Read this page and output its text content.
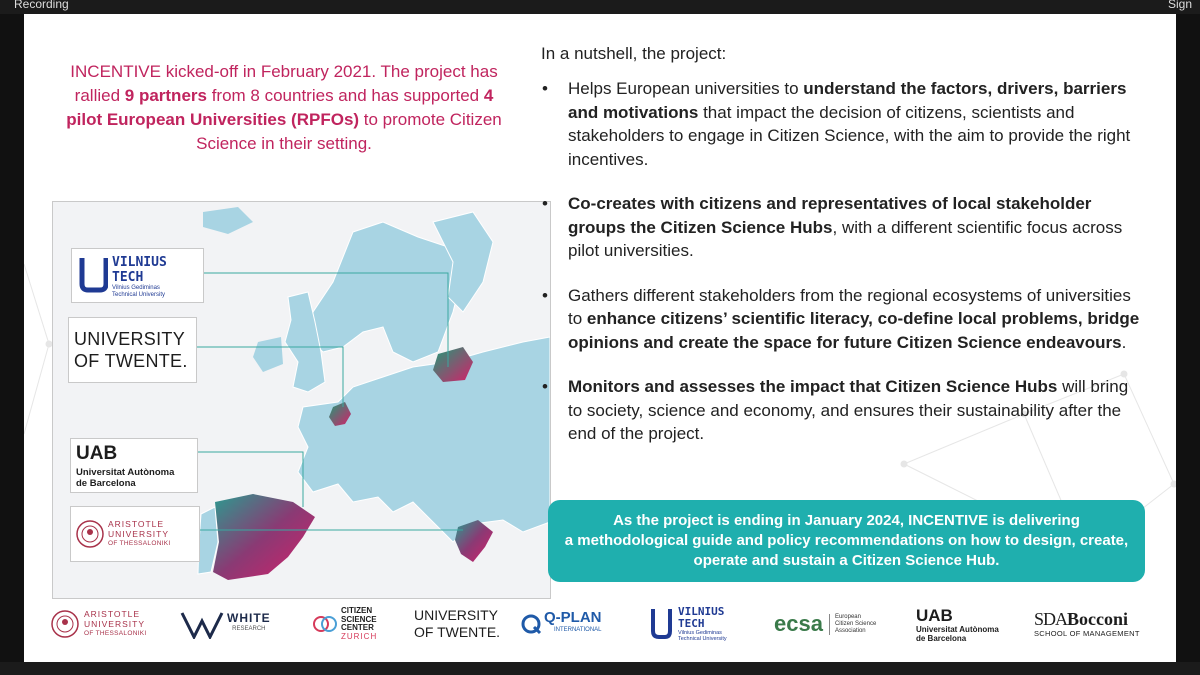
Recording	Sign
INCENTIVE kicked-off in February 2021. The project has rallied 9 partners from 8 countries and has supported 4 pilot European Universities (RPFOs) to promote Citizen Science in their setting.
VILNIUS
TECH
Vilnius Gediminas
Technical University
UNIVERSITY
OF TWENTE.
UAB
Universitat Autònoma
de Barcelona
ARISTOTLE
UNIVERSITY
OF THESSALONIKI
In a nutshell, the project:
• Helps European universities to understand the factors, drivers, barriers and motivations that impact the decision of citizens, scientists and stakeholders to engage in Citizen Science, with the aim to provide the right incentives.
• Co-creates with citizens and representatives of local stakeholder groups the Citizen Science Hubs, with a different scientific focus across pilot universities.
• Gathers different stakeholders from the regional ecosystems of universities to enhance citizens’ scientific literacy, co-define local problems, bridge opinions and create the space for future Citizen Science endeavours.
• Monitors and assesses the impact that Citizen Science Hubs will bring to society, science and economy, and ensures their sustainability after the end of the project.
As the project is ending in January 2024, INCENTIVE is delivering
a methodological guide and policy recommendations on how to design, create,
operate and sustain a Citizen Science Hub.
ARISTOTLE
UNIVERSITY
OF THESSALONIKI
WHITE
RESEARCH
CITIZEN
SCIENCE
CENTER
ZURICH
UNIVERSITY
OF TWENTE.
Q-PLAN
INTERNATIONAL
VILNIUS
TECH
Vilnius Gediminas
Technical University
ecsa European
Citizen Science
Association
UAB
Universitat Autònoma
de Barcelona
SDABocconi
SCHOOL OF MANAGEMENT
